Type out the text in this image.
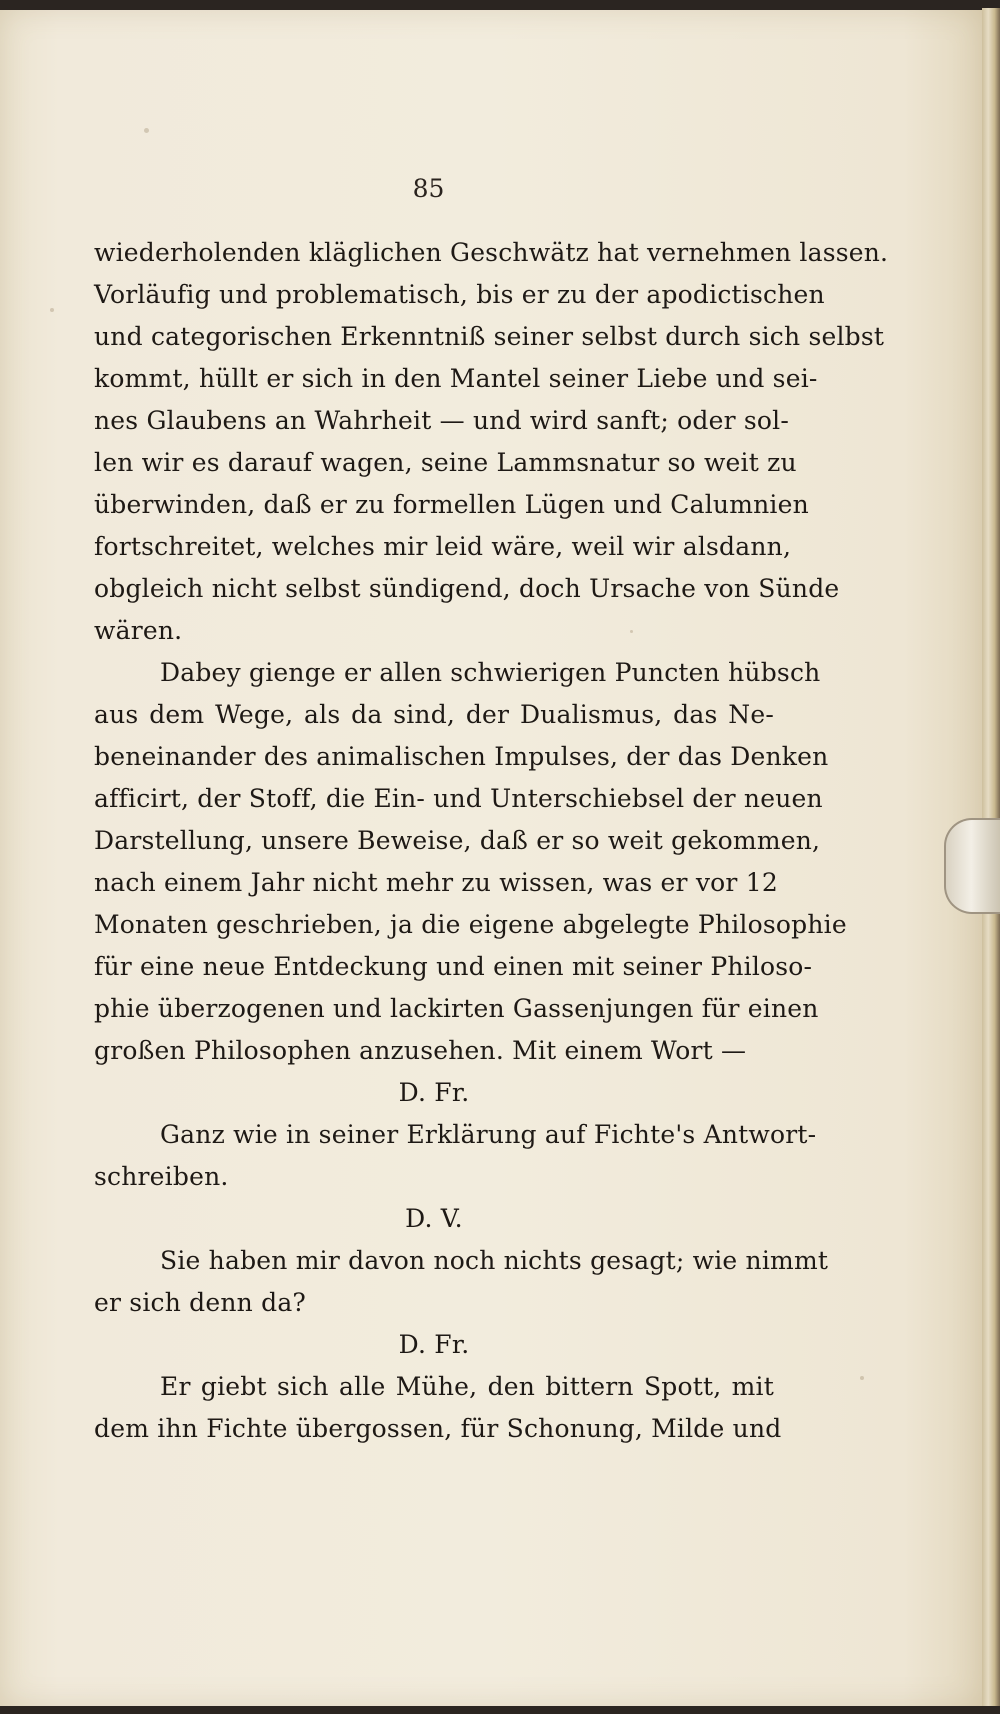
85
wiederholenden kläglichen Geschwätz hat vernehmen lassen.
Vorläufig und problematisch, bis er zu der apodictischen
und categorischen Erkenntniß seiner selbst durch sich selbst
kommt, hüllt er sich in den Mantel seiner Liebe und sei-
nes Glaubens an Wahrheit — und wird sanft; oder sol-
len wir es darauf wagen, seine Lammsnatur so weit zu
überwinden, daß er zu formellen Lügen und Calumnien
fortschreitet, welches mir leid wäre, weil wir alsdann,
obgleich nicht selbst sündigend, doch Ursache von Sünde
wären.
Dabey gienge er allen schwierigen Puncten hübsch
aus dem Wege, als da sind, der Dualismus, das Ne-
beneinander des animalischen Impulses, der das Denken
afficirt, der Stoff, die Ein- und Unterschiebsel der neuen
Darstellung, unsere Beweise, daß er so weit gekommen,
nach einem Jahr nicht mehr zu wissen, was er vor 12
Monaten geschrieben, ja die eigene abgelegte Philosophie
für eine neue Entdeckung und einen mit seiner Philoso-
phie überzogenen und lackirten Gassenjungen für einen
großen Philosophen anzusehen. Mit einem Wort —
D. Fr.
Ganz wie in seiner Erklärung auf Fichte's Antwort-
schreiben.
D. V.
Sie haben mir davon noch nichts gesagt; wie nimmt
er sich denn da?
D. Fr.
Er giebt sich alle Mühe, den bittern Spott, mit
dem ihn Fichte übergossen, für Schonung, Milde und
